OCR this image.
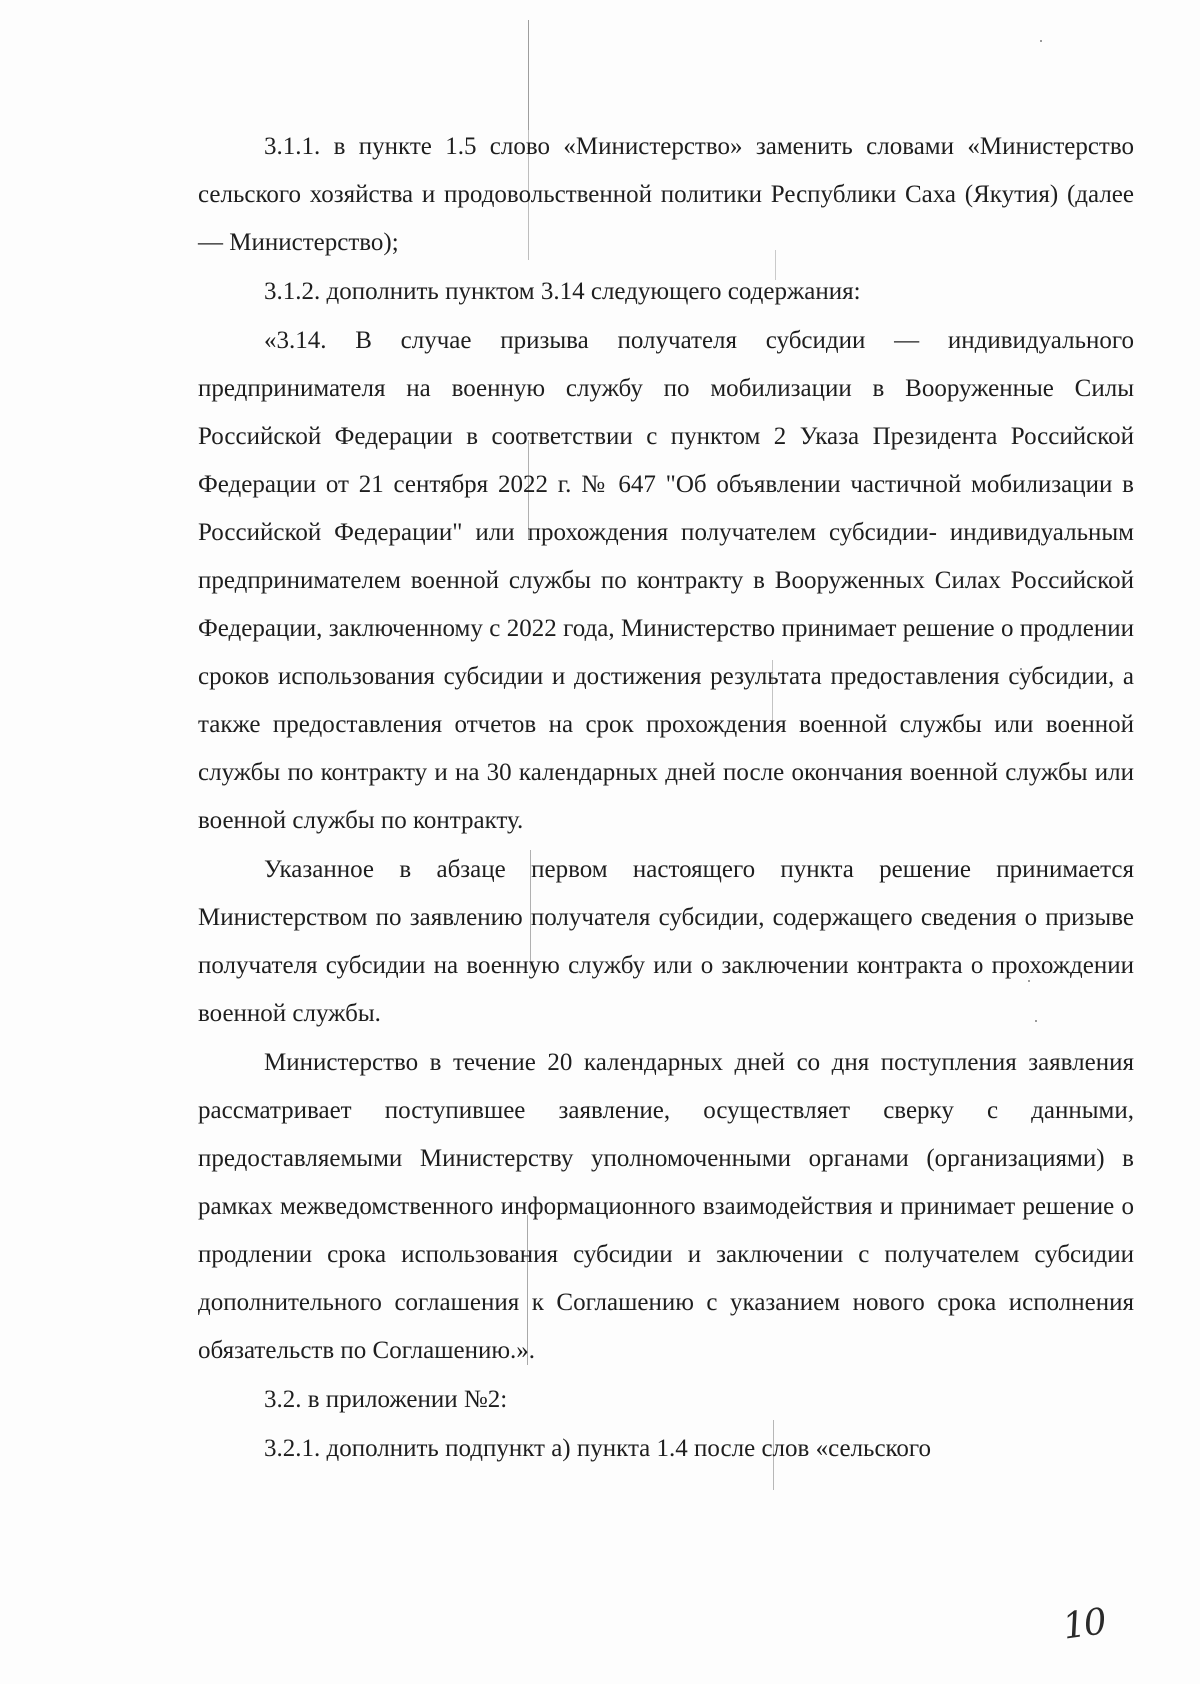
3.1.1. в пункте 1.5 слово «Министерство» заменить словами «Министерство сельского хозяйства и продовольственной политики Республики Саха (Якутия) (далее — Министерство);

3.1.2. дополнить пунктом 3.14 следующего содержания:

«3.14. В случае призыва получателя субсидии — индивидуального предпринимателя на военную службу по мобилизации в Вооруженные Силы Российской Федерации в соответствии с пунктом 2 Указа Президента Российской Федерации от 21 сентября 2022 г. № 647 "Об объявлении частичной мобилизации в Российской Федерации" или прохождения получателем субсидии- индивидуальным предпринимателем военной службы по контракту в Вооруженных Силах Российской Федерации, заключенному с 2022 года, Министерство принимает решение о продлении сроков использования субсидии и достижения результата предоставления субсидии, а также предоставления отчетов на срок прохождения военной службы или военной службы по контракту и на 30 календарных дней после окончания военной службы или военной службы по контракту.

Указанное в абзаце первом настоящего пункта решение принимается Министерством по заявлению получателя субсидии, содержащего сведения о призыве получателя субсидии на военную службу или о заключении контракта о прохождении военной службы.

Министерство в течение 20 календарных дней со дня поступления заявления рассматривает поступившее заявление, осуществляет сверку с данными, предоставляемыми Министерству уполномоченными органами (организациями) в рамках межведомственного информационного взаимодействия и принимает решение о продлении срока использования субсидии и заключении с получателем субсидии дополнительного соглашения к Соглашению с указанием нового срока исполнения обязательств по Соглашению.».

3.2. в приложении №2:

3.2.1. дополнить подпункт а) пункта 1.4 после слов «сельского

10
